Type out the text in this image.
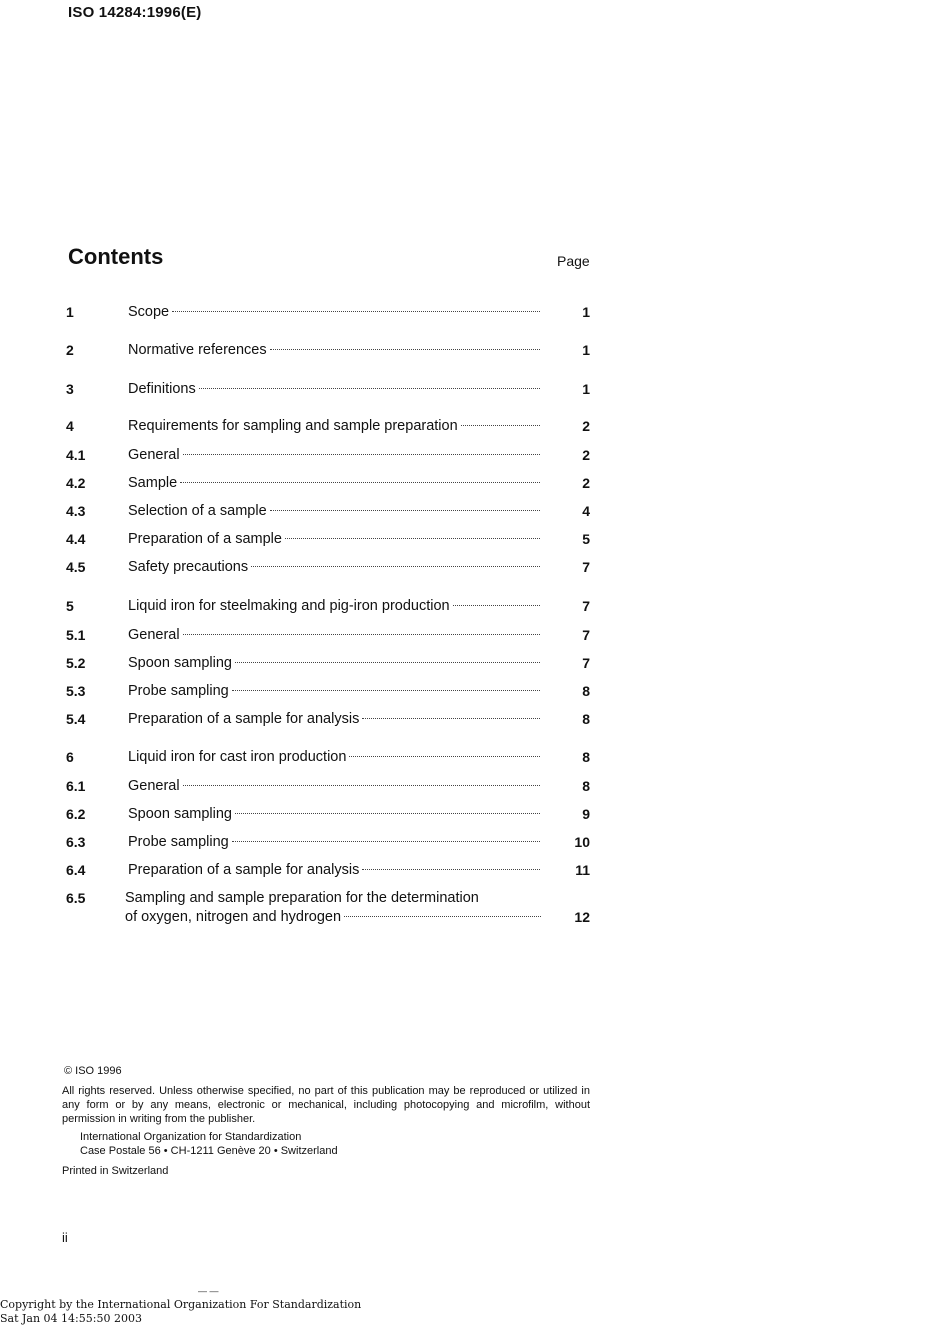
ISO 14284:1996(E)
Contents	Page
1	Scope	1
2	Normative references	1
3	Definitions	1
4	Requirements for sampling and sample preparation	2
4.1	General	2
4.2	Sample	2
4.3	Selection of a sample	4
4.4	Preparation of a sample	5
4.5	Safety precautions	7
5	Liquid iron for steelmaking and pig-iron production	7
5.1	General	7
5.2	Spoon sampling	7
5.3	Probe sampling	8
5.4	Preparation of a sample for analysis	8
6	Liquid iron for cast iron production	8
6.1	General	8
6.2	Spoon sampling	9
6.3	Probe sampling	10
6.4	Preparation of a sample for analysis	11
6.5	Sampling and sample preparation for the determination
of oxygen, nitrogen and hydrogen	12
© ISO 1996
All rights reserved. Unless otherwise specified, no part of this publication may be reproduced or utilized in any form or by any means, electronic or mechanical, including photocopying and microfilm, without permission in writing from the publisher.
International Organization for Standardization
Case Postale 56 • CH-1211 Genève 20 • Switzerland
Printed in Switzerland
ii
— —
Copyright by the International Organization For Standardization
Sat Jan 04 14:55:50 2003
